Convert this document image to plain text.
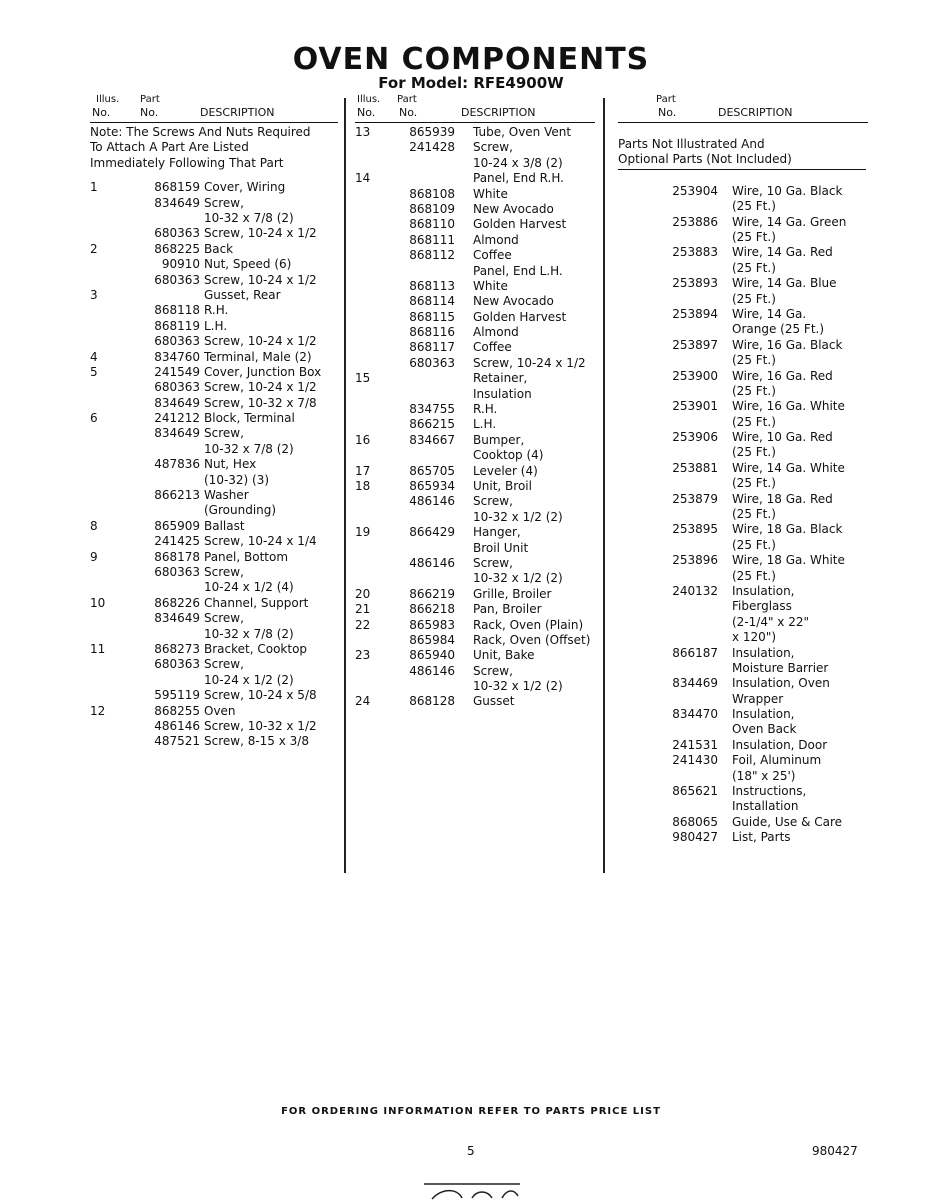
OVEN COMPONENTS
For Model: RFE4900W
Illus. Part
No.	No.	DESCRIPTION
Note: The Screws And Nuts Required
To Attach A Part Are Listed
Immediately Following That Part
1	868159 Cover, Wiring
834649 Screw,
10-32 x 7/8 (2)
680363 Screw, 10-24 x 1/2
2	868225 Back
90910 Nut, Speed (6)
680363 Screw, 10-24 x 1/2
3	Gusset, Rear
868118 R.H.
868119 L.H.
680363 Screw, 10-24 x 1/2
4	834760 Terminal, Male (2)
5	241549 Cover, Junction Box
680363 Screw, 10-24 x 1/2
834649 Screw, 10-32 x 7/8
6	241212 Block, Terminal
834649 Screw,
10-32 x 7/8 (2)
487836 Nut, Hex
(10-32) (3)
866213 Washer
(Grounding)
8	865909 Ballast
241425 Screw, 10-24 x 1/4
9	868178 Panel, Bottom
680363 Screw,
10-24 x 1/2 (4)
10	868226 Channel, Support
834649 Screw,
10-32 x 7/8 (2)
11	868273 Bracket, Cooktop
680363 Screw,
10-24 x 1/2 (2)
595119 Screw, 10-24 x 5/8
12	868255 Oven
486146 Screw, 10-32 x 1/2
487521 Screw, 8-15 x 3/8
Illus. Part
No. No.	DESCRIPTION
13	865939 Tube, Oven Vent
241428 Screw,
10-24 x 3/8 (2)
14	Panel, End R.H.
868108 White
868109 New Avocado
868110 Golden Harvest
868111 Almond
868112 Coffee
Panel, End L.H.
868113 White
868114 New Avocado
868115 Golden Harvest
868116 Almond
868117 Coffee
680363 Screw, 10-24 x 1/2
15	Retainer,
Insulation
834755 R.H.
866215 L.H.
16	834667 Bumper,
Cooktop (4)
17	865705 Leveler (4)
18	865934 Unit, Broil
486146 Screw,
10-32 x 1/2 (2)
19	866429 Hanger,
Broil Unit
486146 Screw,
10-32 x 1/2 (2)
20	866219 Grille, Broiler
21	866218 Pan, Broiler
22	865983 Rack, Oven (Plain)
865984 Rack, Oven (Offset)
23	865940 Unit, Bake
486146 Screw,
10-32 x 1/2 (2)
24	868128 Gusset
Part
No.	DESCRIPTION
Parts Not Illustrated And
Optional Parts (Not Included)
253904 Wire, 10 Ga. Black
(25 Ft.)
253886 Wire, 14 Ga. Green
(25 Ft.)
253883 Wire, 14 Ga. Red
(25 Ft.)
253893 Wire, 14 Ga. Blue
(25 Ft.)
253894 Wire, 14 Ga.
Orange (25 Ft.)
253897 Wire, 16 Ga. Black
(25 Ft.)
253900 Wire, 16 Ga. Red
(25 Ft.)
253901 Wire, 16 Ga. White
(25 Ft.)
253906 Wire, 10 Ga. Red
(25 Ft.)
253881 Wire, 14 Ga. White
(25 Ft.)
253879 Wire, 18 Ga. Red
(25 Ft.)
253895 Wire, 18 Ga. Black
(25 Ft.)
253896 Wire, 18 Ga. White
(25 Ft.)
240132 Insulation,
Fiberglass
(2-1/4" x 22"
x 120")
866187 Insulation,
Moisture Barrier
834469 Insulation, Oven
Wrapper
834470 Insulation,
Oven Back
241531 Insulation, Door
241430 Foil, Aluminum
(18" x 25')
865621 Instructions,
Installation
868065 Guide, Use & Care
980427 List, Parts
FOR ORDERING INFORMATION REFER TO PARTS PRICE LIST
5	980427
